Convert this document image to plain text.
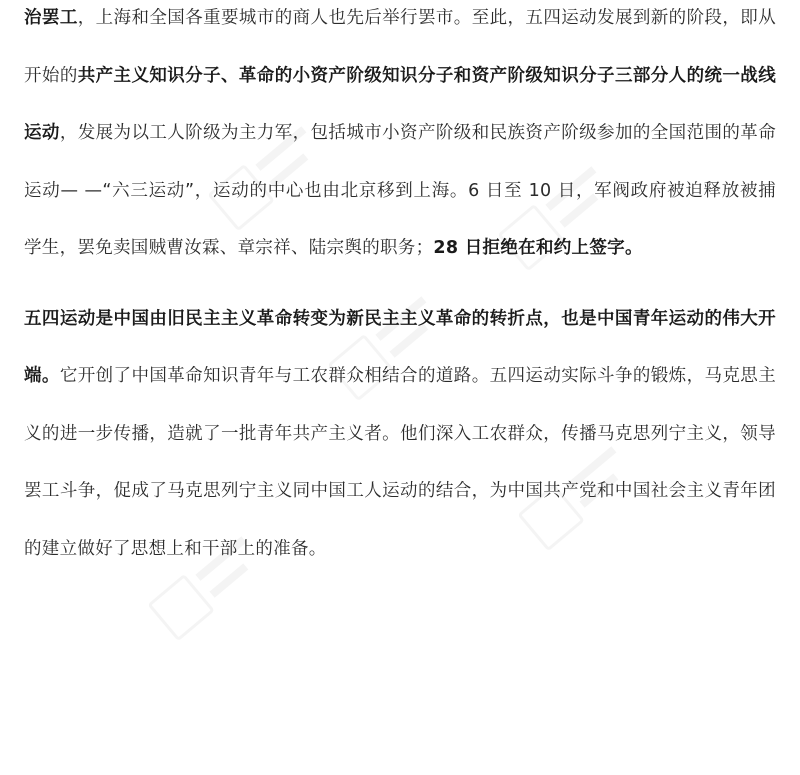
治罢工，上海和全国各重要城市的商人也先后举行罢市。至此，五四运动发展到新的阶段，即从开始的共产主义知识分子、革命的小资产阶级知识分子和资产阶级知识分子三部分人的统一战线运动，发展为以工人阶级为主力军，包括城市小资产阶级和民族资产阶级参加的全国范围的革命运动— —“六三运动”，运动的中心也由北京移到上海。6 日至 10 日，军阀政府被迫释放被捕学生，罢免卖国贼曹汝霖、章宗祥、陆宗舆的职务；28 日拒绝在和约上签字。

五四运动是中国由旧民主主义革命转变为新民主主义革命的转折点，也是中国青年运动的伟大开端。它开创了中国革命知识青年与工农群众相结合的道路。五四运动实际斗争的锻炼，马克思主义的进一步传播，造就了一批青年共产主义者。他们深入工农群众，传播马克思列宁主义，领导罢工斗争，促成了马克思列宁主义同中国工人运动的结合，为中国共产党和中国社会主义青年团的建立做好了思想上和干部上的准备。
